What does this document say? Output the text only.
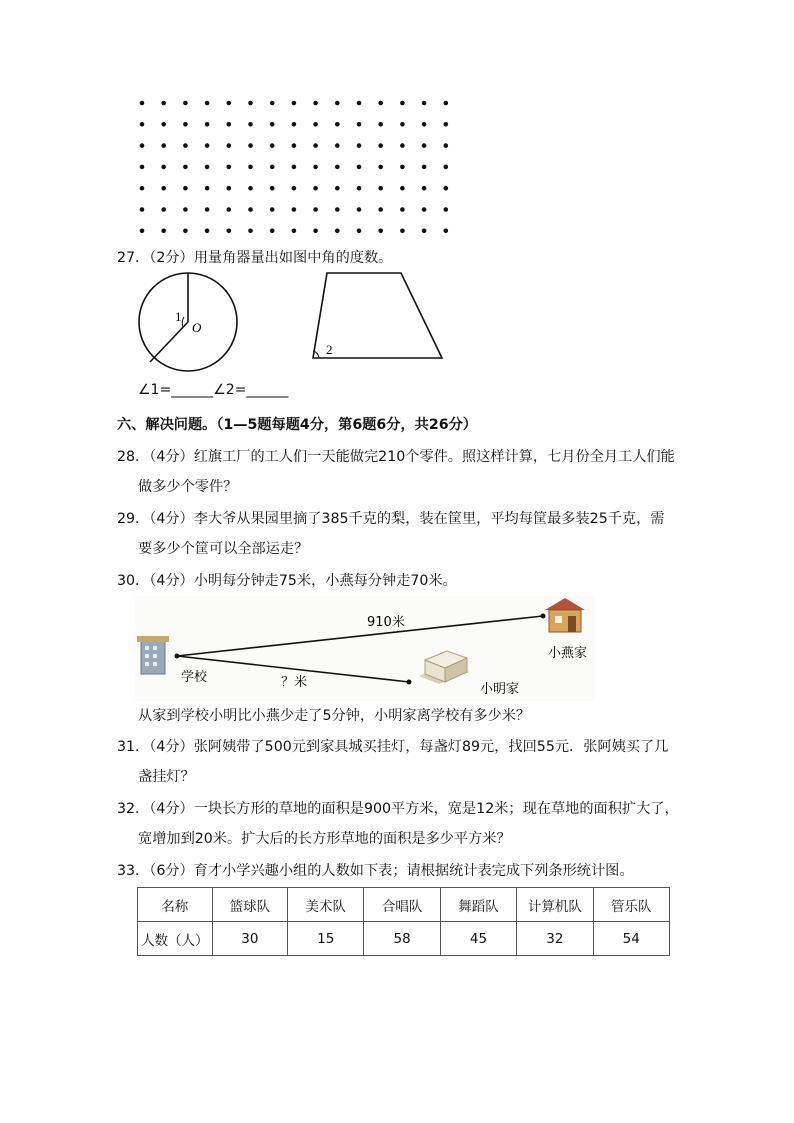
27．（2分）用量角器量出如图中角的度数。
1
O
2
∠1=______∠2=______
六、解决问题。（1—5题每题4分，第6题6分，共26分）
28．（4分）红旗工厂的工人们一天能做完210个零件。照这样计算，七月份全月工人们能
做多少个零件？
29．（4分）李大爷从果园里摘了385千克的梨，装在筐里，平均每筐最多装25千克，需
要多少个筐可以全部运走？
30．（4分）小明每分钟走75米，小燕每分钟走70米。
910米
学校	？米
小燕家
小明家
从家到学校小明比小燕少走了5分钟，小明家离学校有多少米？
31．（4分）张阿姨带了500元到家具城买挂灯，每盏灯89元，找回55元．张阿姨买了几
盏挂灯？
32．（4分）一块长方形的草地的面积是900平方米，宽是12米；现在草地的面积扩大了，
宽增加到20米。扩大后的长方形草地的面积是多少平方米？
33．（6分）育才小学兴趣小组的人数如下表；请根据统计表完成下列条形统计图。
名称	篮球队	美术队	合唱队	舞蹈队	计算机队	管乐队
人数（人）	30	15	58	45	32	54
